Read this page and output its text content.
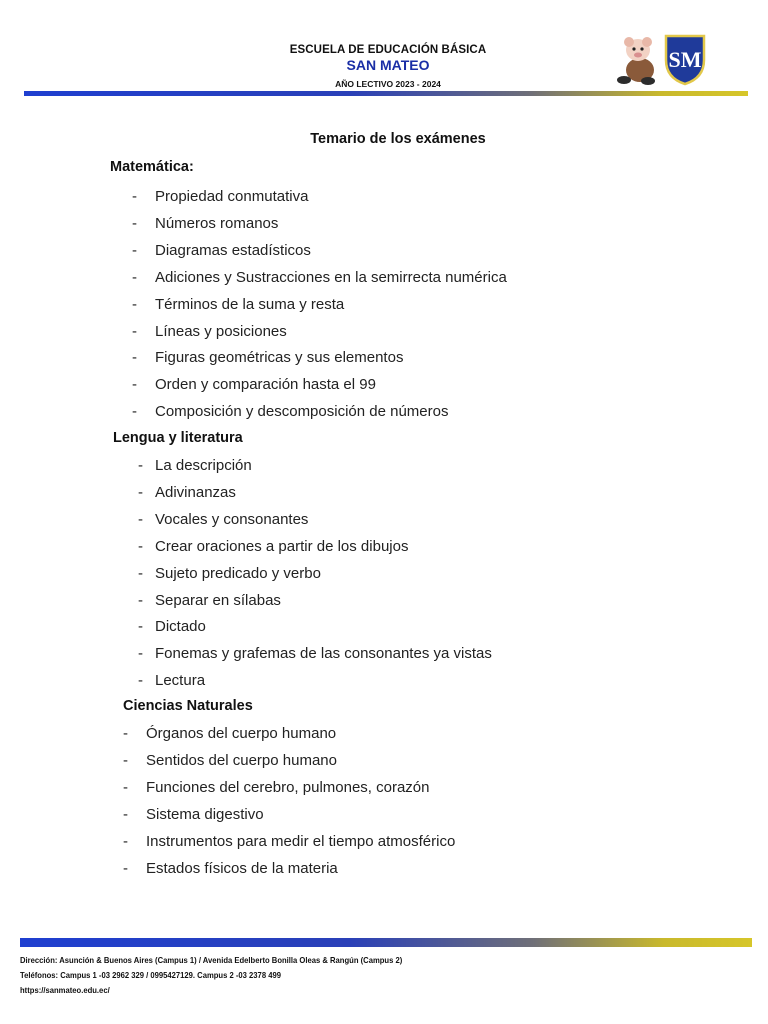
ESCUELA DE EDUCACIÓN BÁSICA
SAN MATEO
AÑO LECTIVO 2023 - 2024
SM
Temario de los exámenes
Matemática:
- Propiedad conmutativa
- Números romanos
- Diagramas estadísticos
- Adiciones y Sustracciones en la semirrecta numérica
- Términos de la suma y resta
- Líneas y posiciones
- Figuras geométricas y sus elementos
- Orden y comparación hasta el 99
- Composición y descomposición de números
Lengua y literatura
- La descripción
- Adivinanzas
- Vocales y consonantes
- Crear oraciones a partir de los dibujos
- Sujeto predicado y verbo
- Separar en sílabas
- Dictado
- Fonemas y grafemas de las consonantes ya vistas
- Lectura
Ciencias Naturales
- Órganos del cuerpo humano
- Sentidos del cuerpo humano
- Funciones del cerebro, pulmones, corazón
- Sistema digestivo
- Instrumentos para medir el tiempo atmosférico
- Estados físicos de la materia
Dirección: Asunción & Buenos Aires (Campus 1) / Avenida Edelberto Bonilla Oleas & Rangún (Campus 2)
Teléfonos: Campus 1 -03 2962 329 / 0995427129. Campus 2 -03 2378 499
https://sanmateo.edu.ec/
